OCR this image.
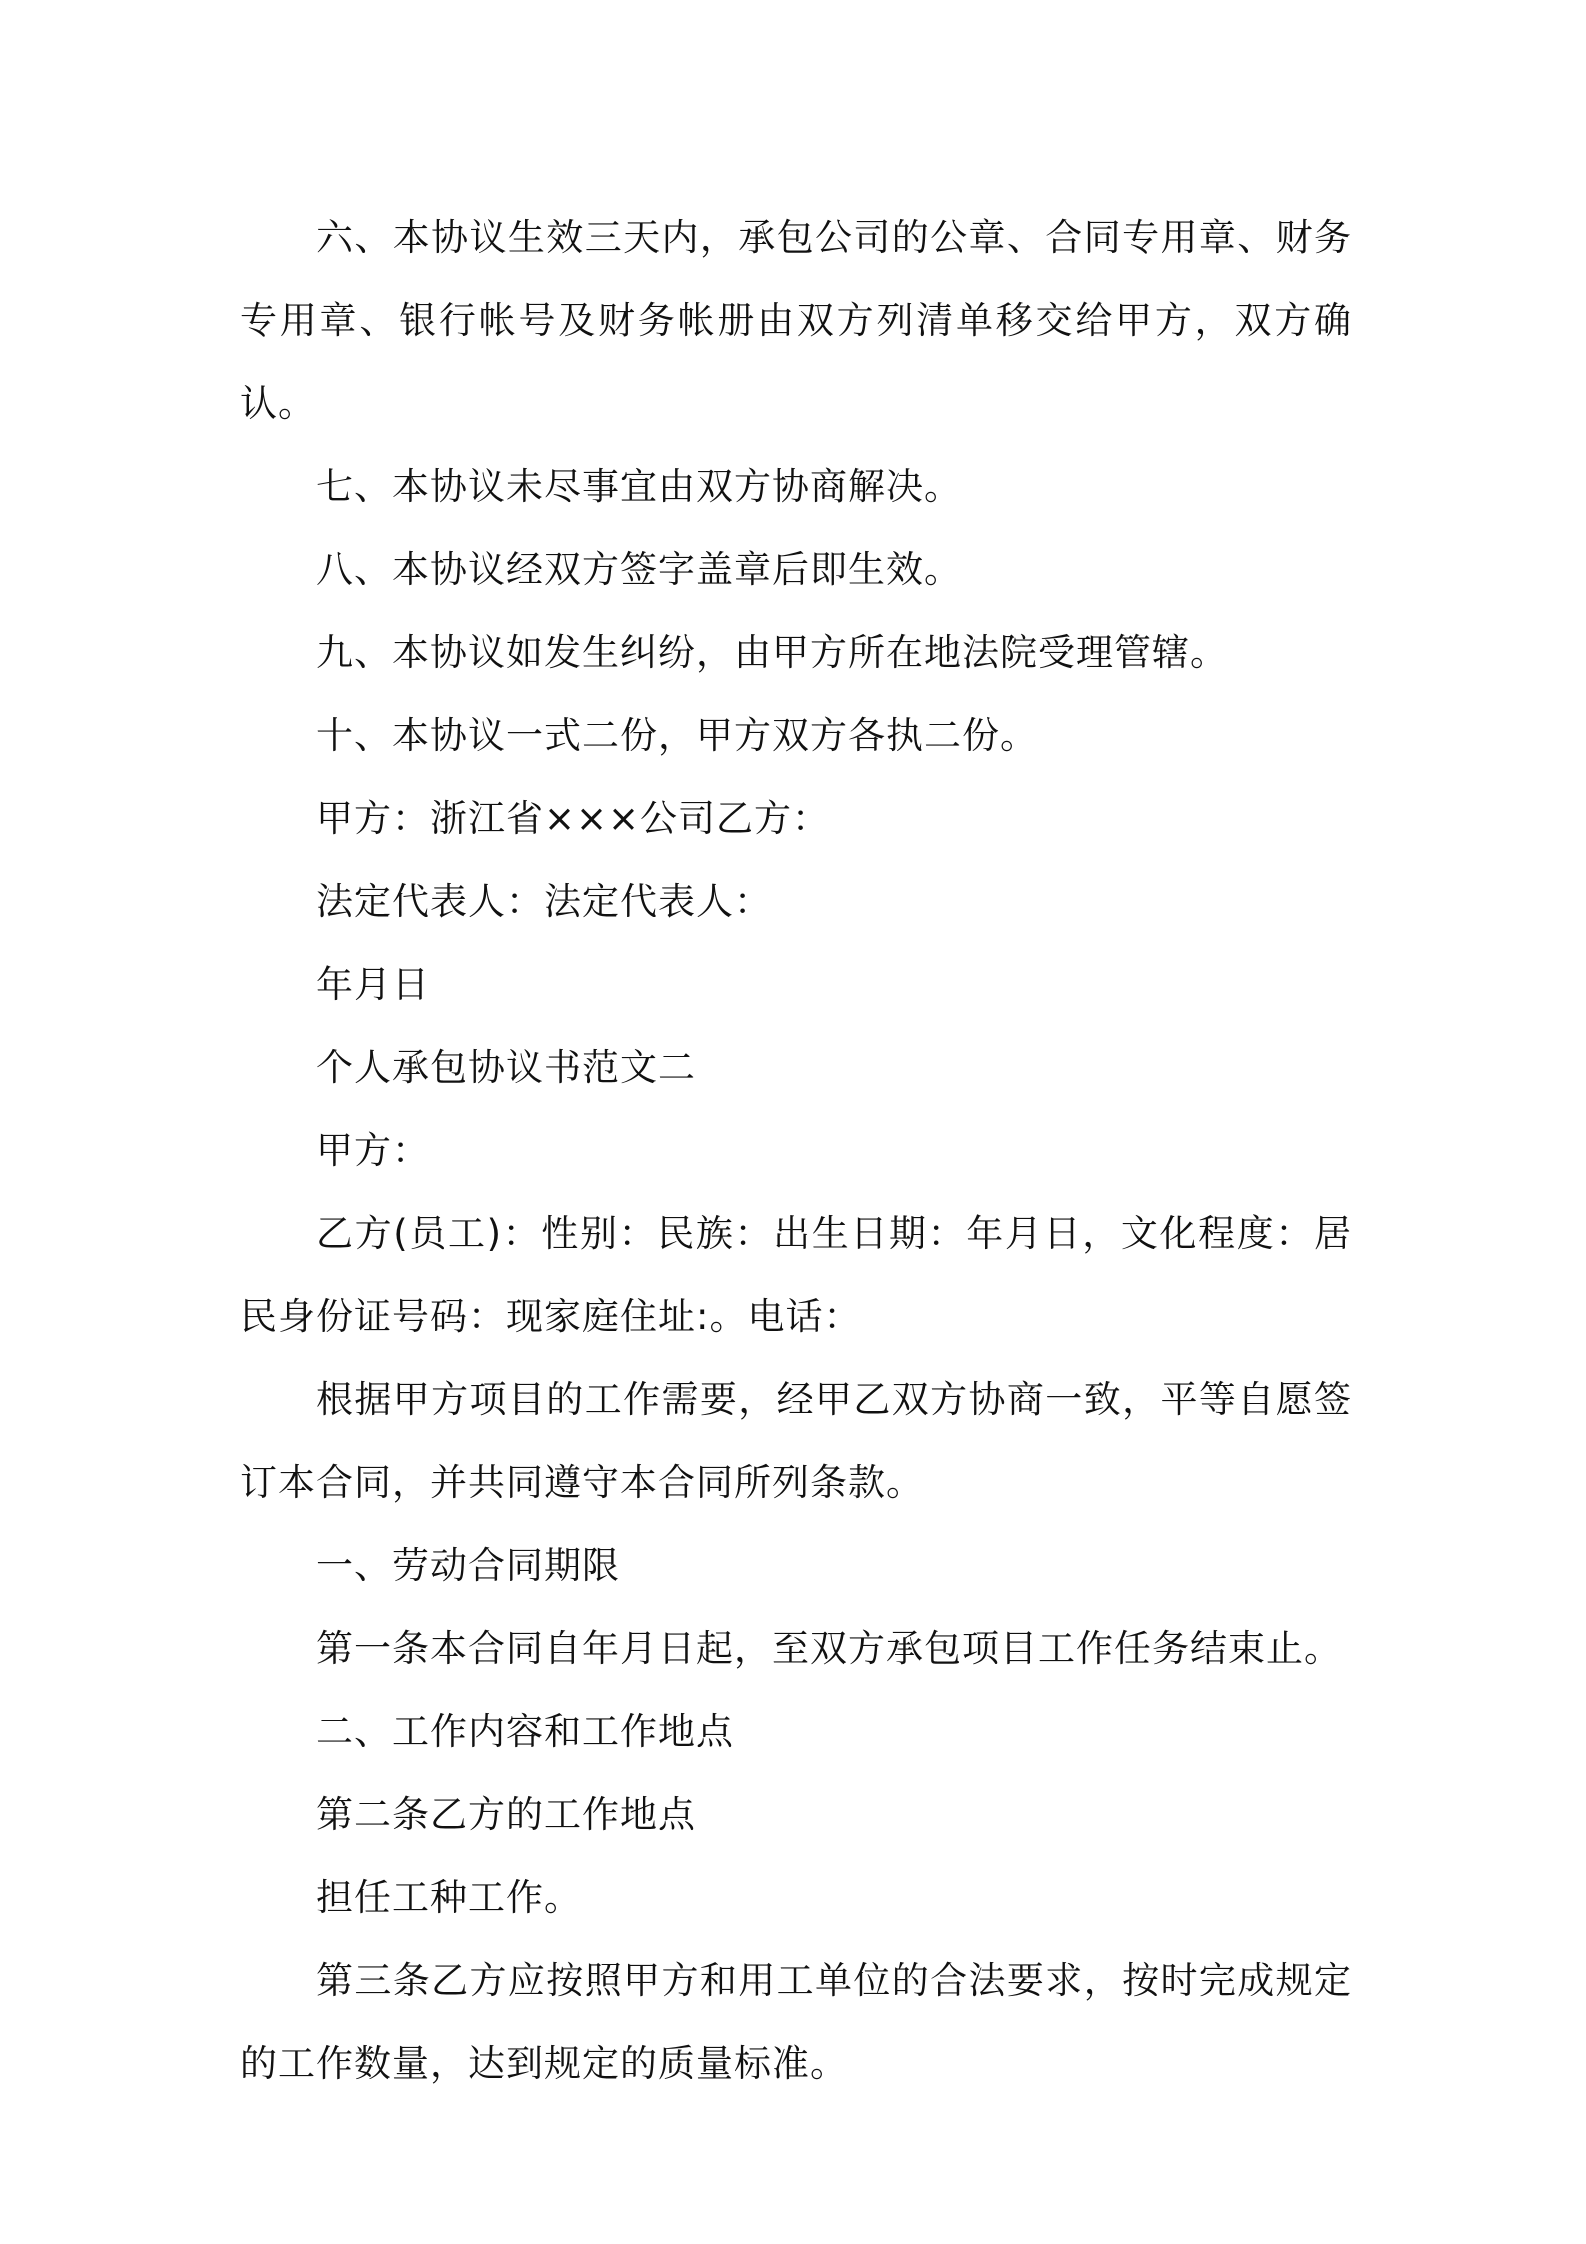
六、本协议生效三天内，承包公司的公章、合同专用章、财务专用章、银行帐号及财务帐册由双方列清单移交给甲方，双方确认。

七、本协议未尽事宜由双方协商解决。

八、本协议经双方签字盖章后即生效。

九、本协议如发生纠纷，由甲方所在地法院受理管辖。

十、本协议一式二份，甲方双方各执二份。

甲方：浙江省×××公司乙方：

法定代表人：法定代表人：

年月日

个人承包协议书范文二

甲方：

乙方(员工)：性别：民族：出生日期：年月日，文化程度：居民身份证号码：现家庭住址:。电话：

根据甲方项目的工作需要，经甲乙双方协商一致，平等自愿签订本合同，并共同遵守本合同所列条款。

一、劳动合同期限

第一条本合同自年月日起，至双方承包项目工作任务结束止。

二、工作内容和工作地点

第二条乙方的工作地点

担任工种工作。

第三条乙方应按照甲方和用工单位的合法要求，按时完成规定的工作数量，达到规定的质量标准。
